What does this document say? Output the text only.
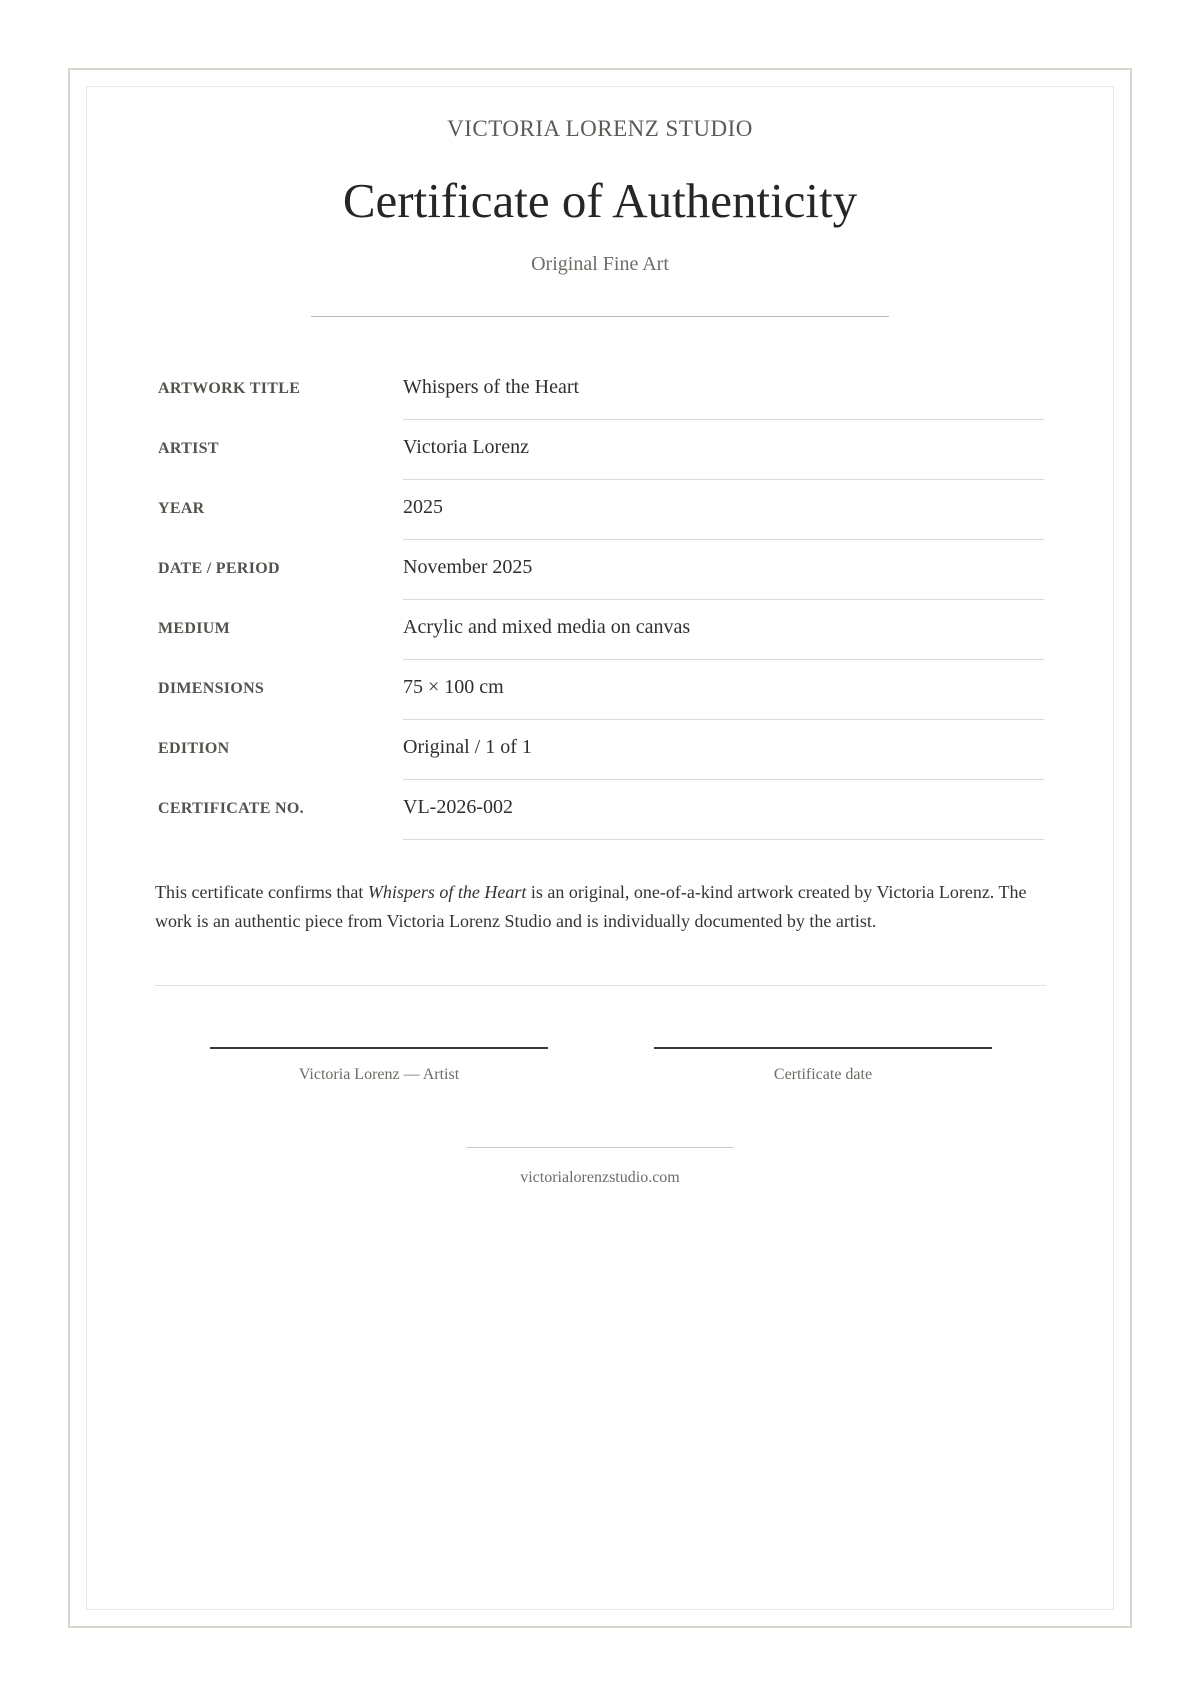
VICTORIA LORENZ STUDIO
Certificate of Authenticity
Original Fine Art
ARTWORK TITLE	Whispers of the Heart
ARTIST	Victoria Lorenz
YEAR	2025
DATE / PERIOD	November 2025
MEDIUM	Acrylic and mixed media on canvas
DIMENSIONS	75 × 100 cm
EDITION	Original / 1 of 1
CERTIFICATE NO.	VL-2026-002
This certificate confirms that Whispers of the Heart is an original, one-of-a-kind artwork created by Victoria Lorenz. The work is an authentic piece from Victoria Lorenz Studio and is individually documented by the artist.
Victoria Lorenz — Artist	Certificate date
victorialorenzstudio.com
